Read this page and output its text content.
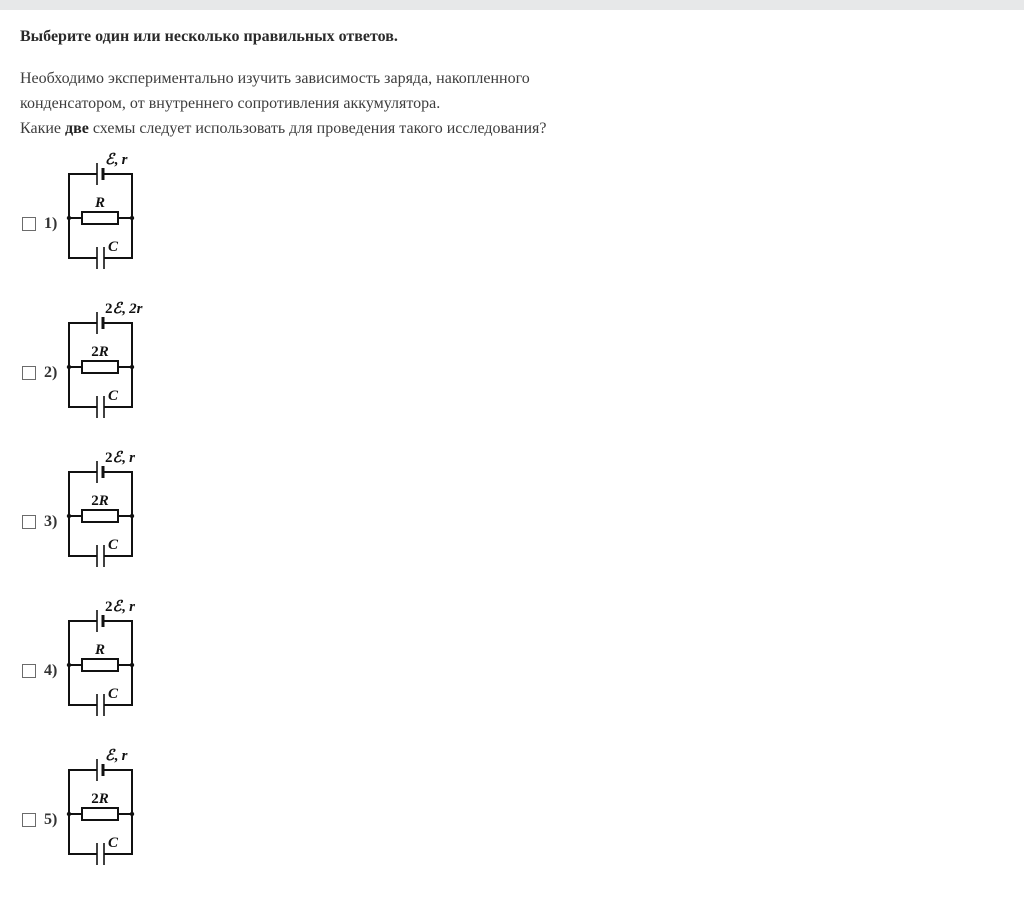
Выберите один или несколько правильных ответов.
Необходимо экспериментально изучить зависимость заряда, накопленного
конденсатором, от внутреннего сопротивления аккумулятора.
Какие две схемы следует использовать для проведения такого исследования?
1)
ℰ, r
R
C
2)
2ℰ, 2r
2R
C
3)
2ℰ, r
2R
C
4)
2ℰ, r
R
C
5)
ℰ, r
2R
C
